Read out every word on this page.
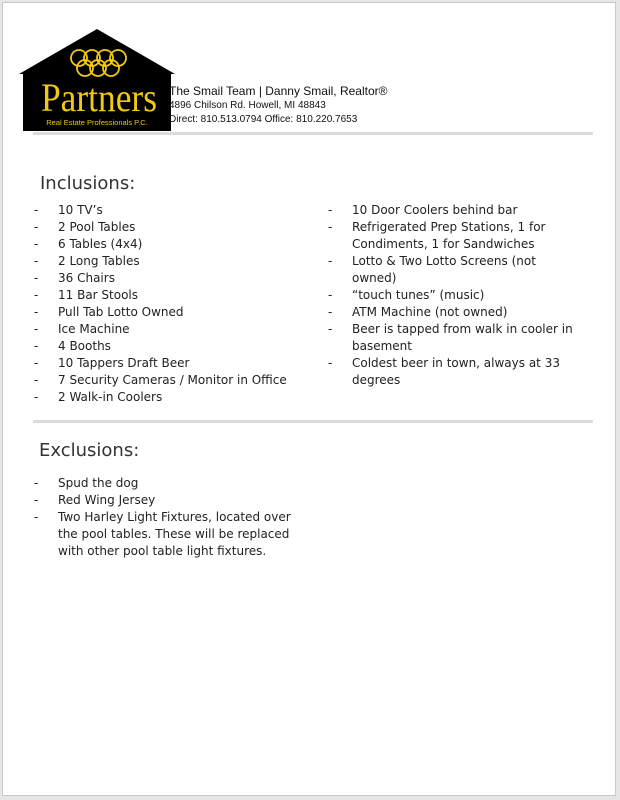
Partners
Real Estate Professionals P.C.
The Smail Team | Danny Smail, Realtor®
4896 Chilson Rd. Howell, MI 48843
Direct: 810.513.0794 Office: 810.220.7653
Inclusions:
- 10 TV’s
- 2 Pool Tables
- 6 Tables (4x4)
- 2 Long Tables
- 36 Chairs
- 11 Bar Stools
- Pull Tab Lotto Owned
- Ice Machine
- 4 Booths
- 10 Tappers Draft Beer
- 7 Security Cameras / Monitor in Office
- 2 Walk-in Coolers
- 10 Door Coolers behind bar
- Refrigerated Prep Stations, 1 for Condiments, 1 for Sandwiches
- Lotto & Two Lotto Screens (not owned)
- “touch tunes” (music)
- ATM Machine (not owned)
- Beer is tapped from walk in cooler in basement
- Coldest beer in town, always at 33 degrees
Exclusions:
- Spud the dog
- Red Wing Jersey
- Two Harley Light Fixtures, located over the pool tables. These will be replaced with other pool table light fixtures.
